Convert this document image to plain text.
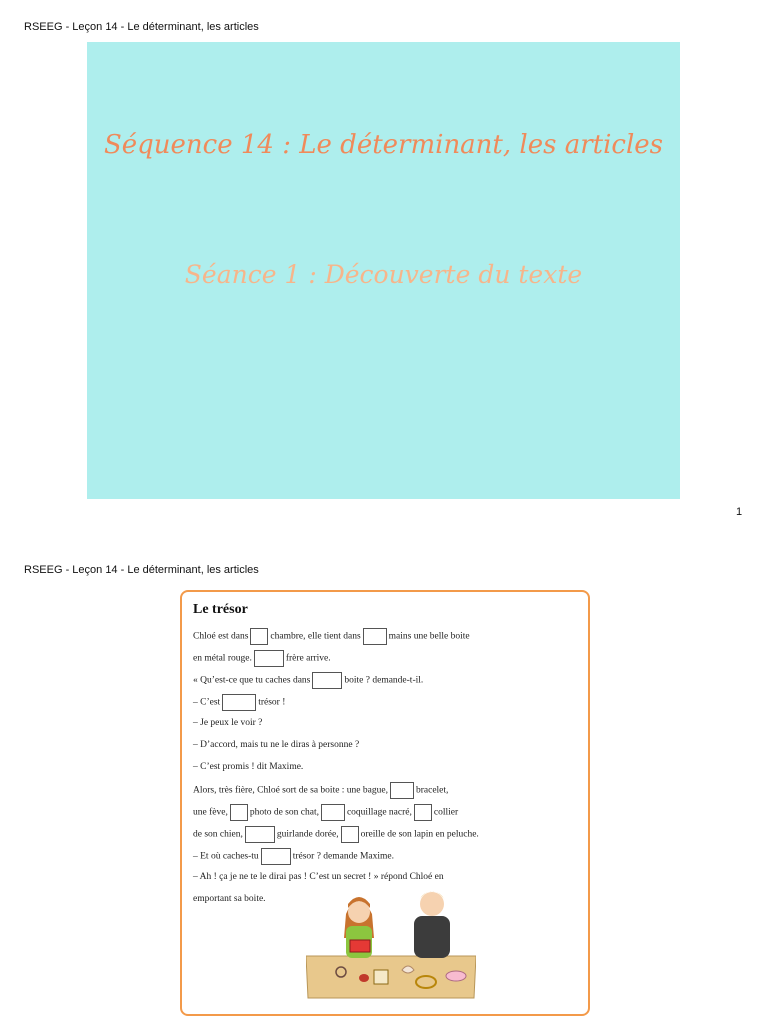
RSEEG - Leçon 14 - Le déterminant, les articles
Séquence 14 : Le déterminant, les articles
Séance 1 : Découverte du texte
1
RSEEG - Leçon 14 - Le déterminant, les articles
Le trésor
Chloé est dans chambre, elle tient dans	mains une belle boite
en métal rouge.	frère arrive.
« Qu’est-ce que tu caches dans	boite ? demande-t-il.
– C’est	trésor !
– Je peux le voir ?
– D’accord, mais tu ne le diras à personne ?
– C’est promis ! dit Maxime.
Alors, très fière, Chloé sort de sa boite : une bague,	bracelet,
une fève, photo de son chat,	coquillage nacré, collier
de son chien,	guirlande dorée, oreille de son lapin en peluche.
– Et où caches-tu	trésor ? demande Maxime.
– Ah ! ça je ne te le dirai pas ! C’est un secret ! » répond Chloé en
emportant sa boite.
